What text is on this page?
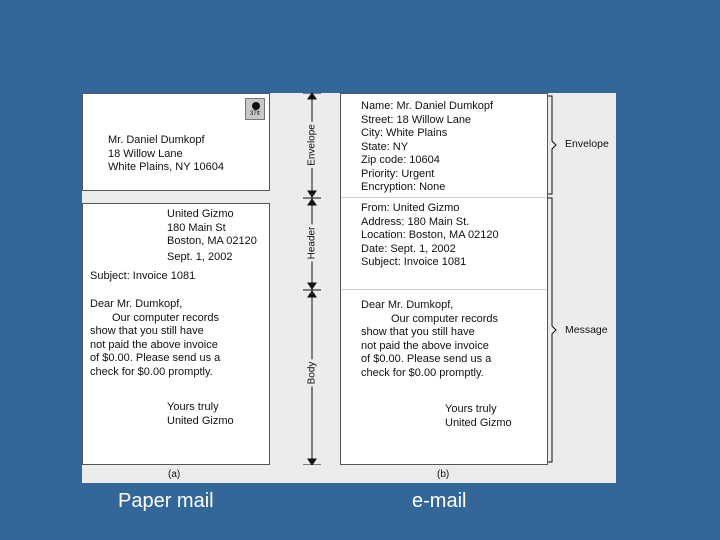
37¢
Mr. Daniel Dumkopf
18 Willow Lane
White Plains, NY 10604
United Gizmo
180 Main St
Boston, MA 02120
Sept. 1, 2002
Subject: Invoice 1081
Dear Mr. Dumkopf,
Our computer records
show that you still have
not paid the above invoice
of $0.00. Please send us a
check for $0.00 promptly.
Yours truly
United Gizmo
(a)
Envelope
Header
Body
Name: Mr. Daniel Dumkopf
Street: 18 Willow Lane
City: White Plains
State: NY
Zip code: 10604
Priority: Urgent
Encryption: None
From: United Gizmo
Address: 180 Main St.
Location: Boston, MA 02120
Date: Sept. 1, 2002
Subject: Invoice 1081
Dear Mr. Dumkopf,
Our computer records
show that you still have
not paid the above invoice
of $0.00. Please send us a
check for $0.00 promptly.
Yours truly
United Gizmo
(b)
Envelope
Message
Paper mail	e-mail
